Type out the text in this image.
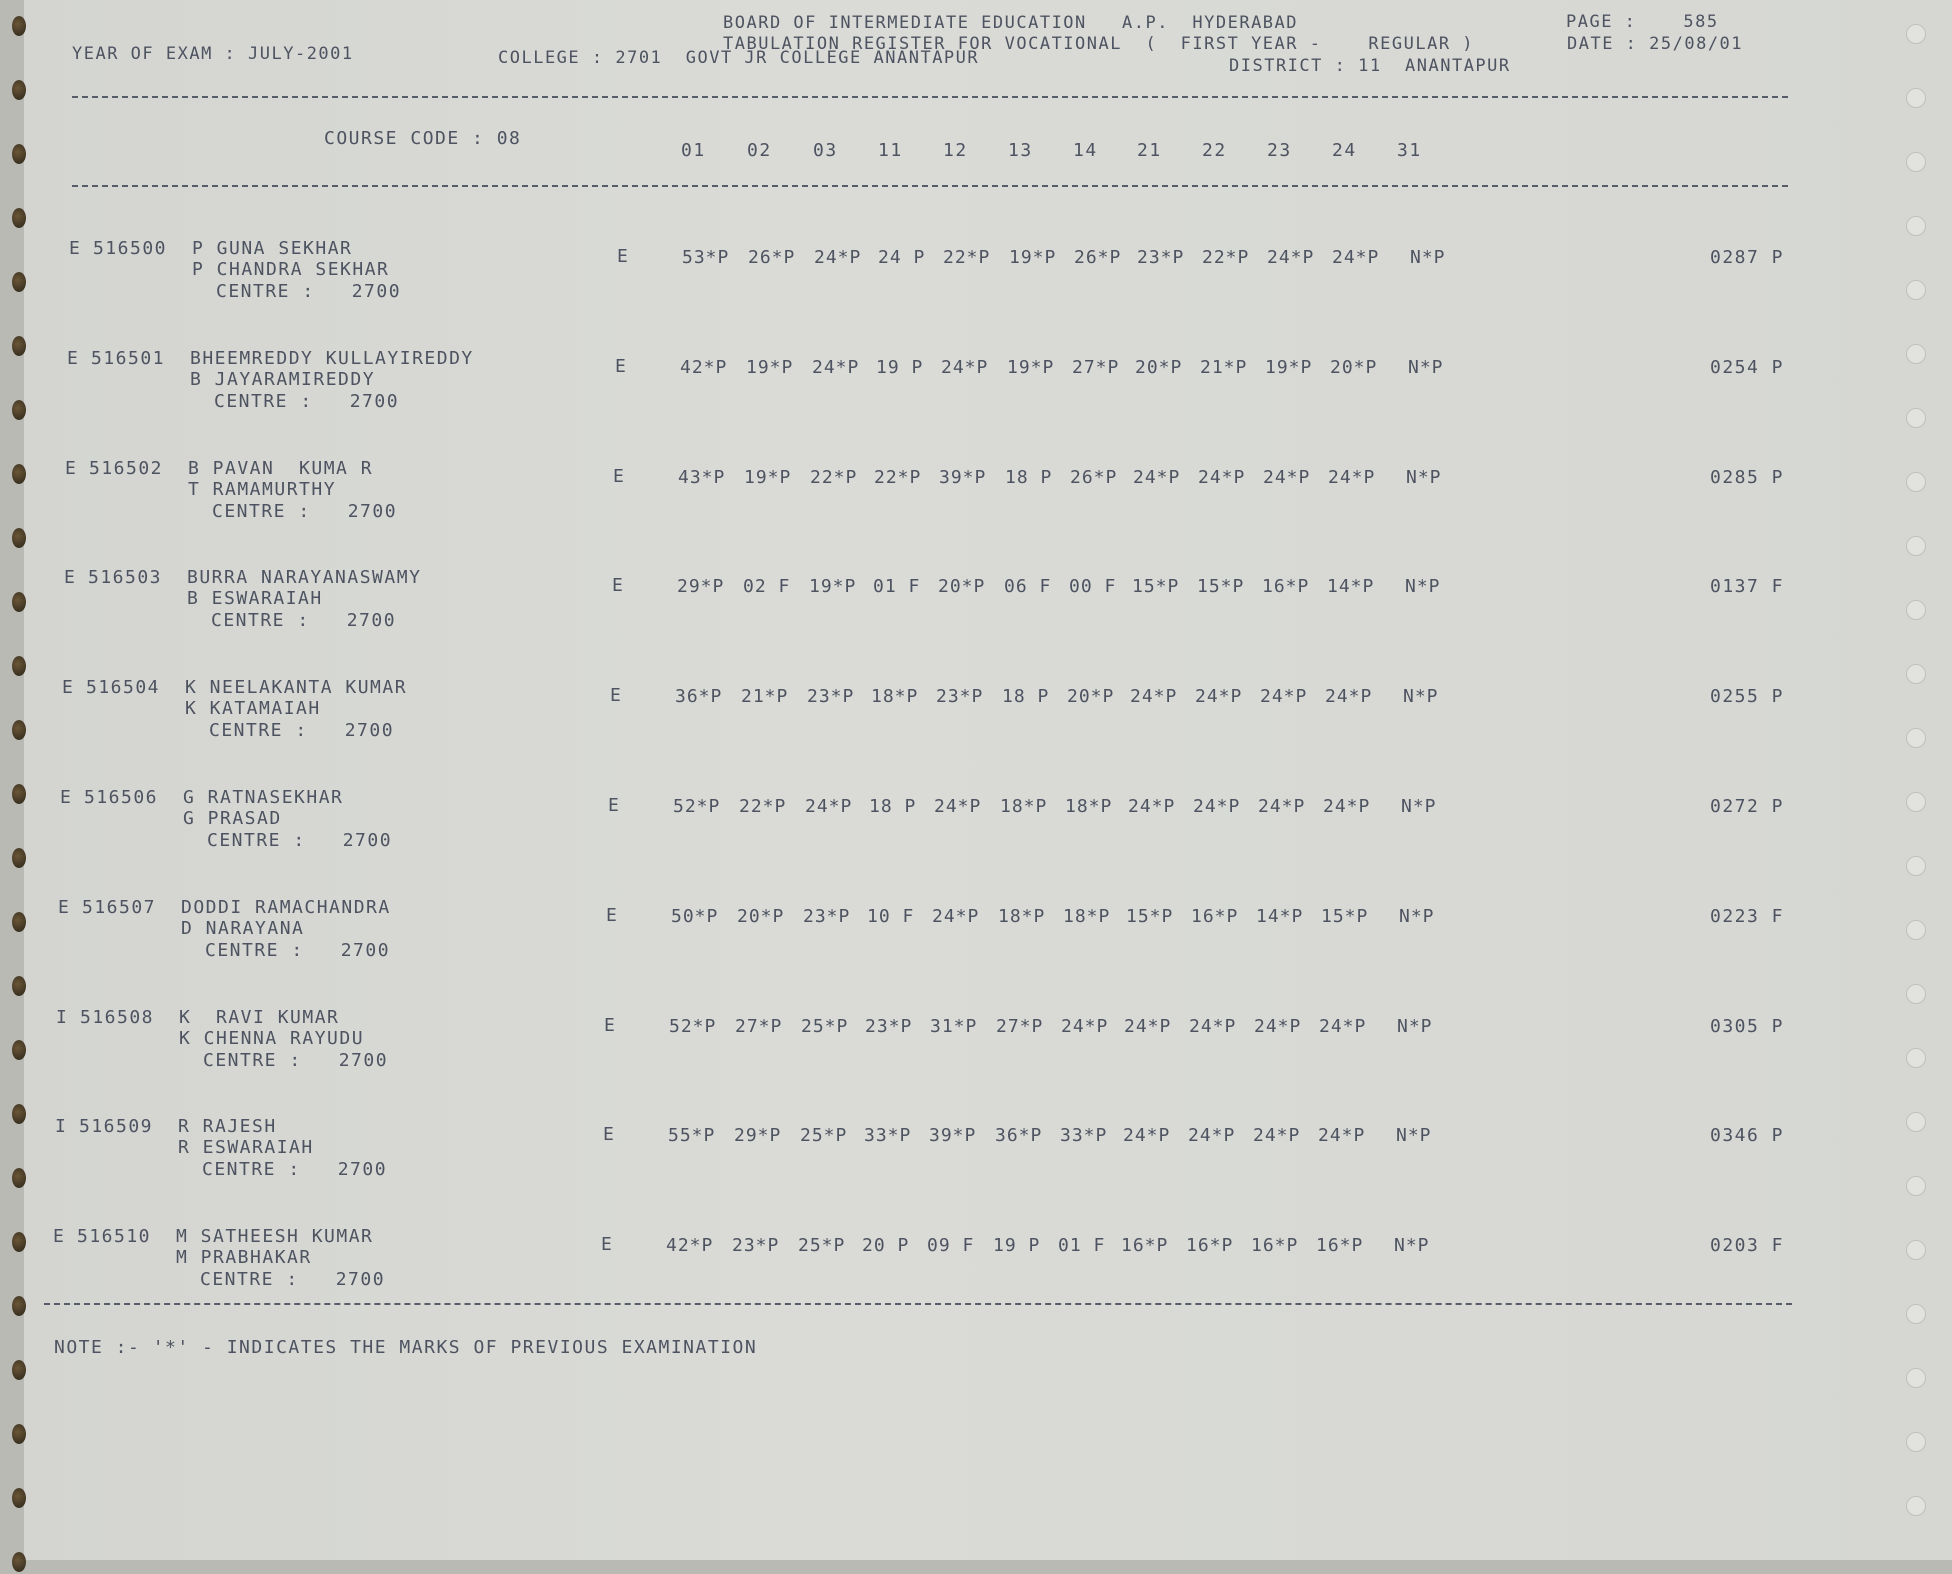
BOARD OF INTERMEDIATE EDUCATION   A.P.  HYDERABAD	PAGE :    585
TABULATION REGISTER FOR VOCATIONAL  (  FIRST YEAR -    REGULAR )	DATE : 25/08/01
YEAR OF EXAM : JULY-2001	COLLEGE : 2701  GOVT JR COLLEGE ANANTAPUR	DISTRICT : 11  ANANTAPUR
COURSE CODE : 08
01 02 03 11 12 13 14 21 22 23 24 31
E 516500 P GUNA SEKHAR
P CHANDRA SEKHAR
CENTRE :   2700
E	53*P 26*P 24*P 24 P 22*P 19*P 26*P 23*P 22*P 24*P 24*P N*P	0287 P
E 516501 BHEEMREDDY KULLAYIREDDY
B JAYARAMIREDDY
CENTRE :   2700
E	42*P 19*P 24*P 19 P 24*P 19*P 27*P 20*P 21*P 19*P 20*P N*P	0254 P
E 516502 B PAVAN  KUMA R
T RAMAMURTHY
CENTRE :   2700
E	43*P 19*P 22*P 22*P 39*P 18 P 26*P 24*P 24*P 24*P 24*P N*P	0285 P
E 516503 BURRA NARAYANASWAMY
B ESWARAIAH
CENTRE :   2700
E	29*P 02 F 19*P 01 F 20*P 06 F 00 F 15*P 15*P 16*P 14*P N*P	0137 F
E 516504 K NEELAKANTA KUMAR
K KATAMAIAH
CENTRE :   2700
E	36*P 21*P 23*P 18*P 23*P 18 P 20*P 24*P 24*P 24*P 24*P N*P	0255 P
E 516506 G RATNASEKHAR
G PRASAD
CENTRE :   2700
E	52*P 22*P 24*P 18 P 24*P 18*P 18*P 24*P 24*P 24*P 24*P N*P	0272 P
E 516507 DODDI RAMACHANDRA
D NARAYANA
CENTRE :   2700
E	50*P 20*P 23*P 10 F 24*P 18*P 18*P 15*P 16*P 14*P 15*P N*P	0223 F
I 516508 K  RAVI KUMAR
K CHENNA RAYUDU
CENTRE :   2700
E	52*P 27*P 25*P 23*P 31*P 27*P 24*P 24*P 24*P 24*P 24*P N*P	0305 P
I 516509 R RAJESH
R ESWARAIAH
CENTRE :   2700
E	55*P 29*P 25*P 33*P 39*P 36*P 33*P 24*P 24*P 24*P 24*P N*P	0346 P
E 516510 M SATHEESH KUMAR
M PRABHAKAR
CENTRE :   2700
E	42*P 23*P 25*P 20 P 09 F 19 P 01 F 16*P 16*P 16*P 16*P N*P	0203 F
NOTE :- '*' - INDICATES THE MARKS OF PREVIOUS EXAMINATION
